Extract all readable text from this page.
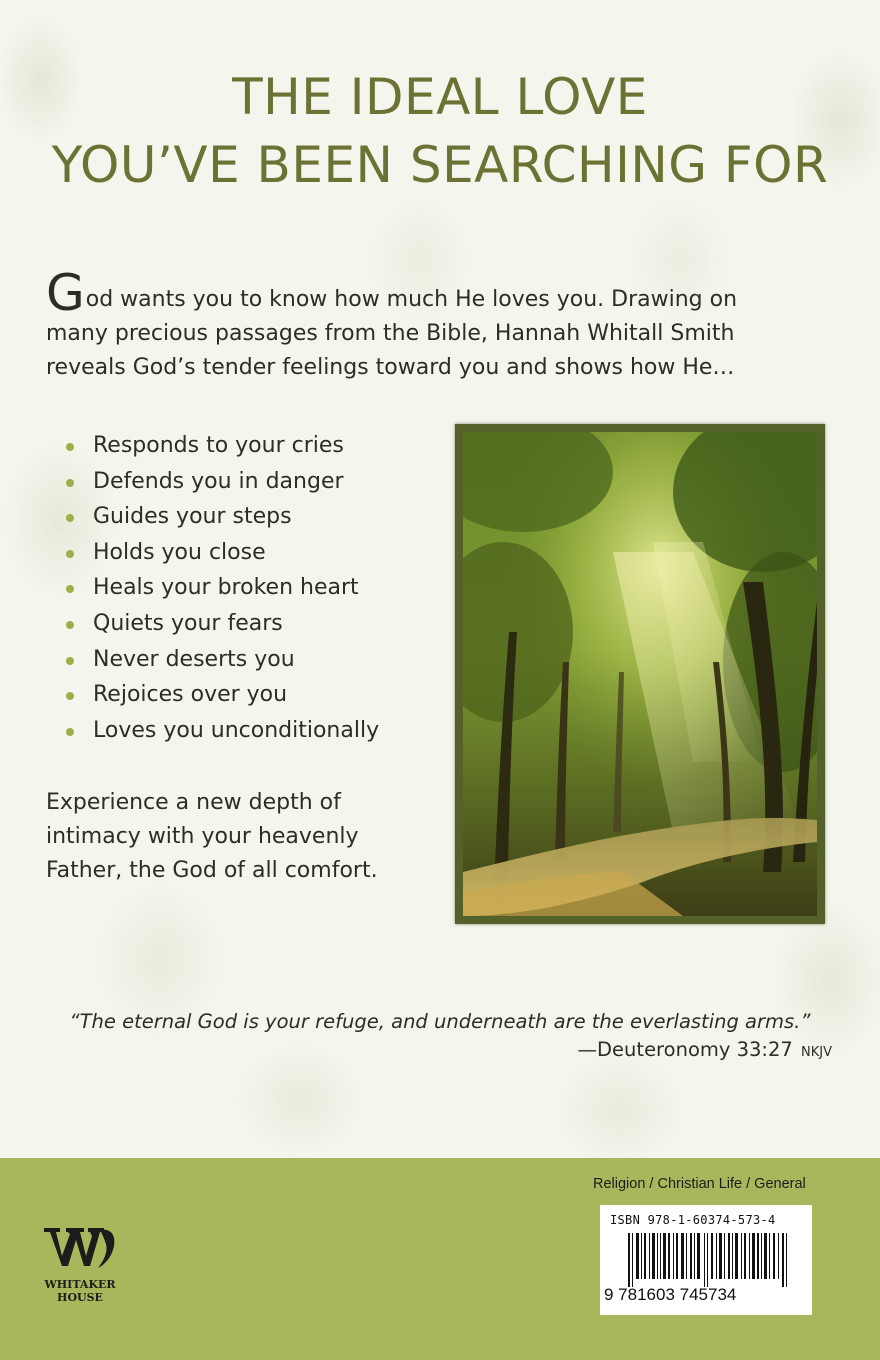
THE IDEAL LOVE
YOU’VE BEEN SEARCHING FOR
God wants you to know how much He loves you. Drawing on
many precious passages from the Bible, Hannah Whitall Smith
reveals God’s tender feelings toward you and shows how He…
Responds to your cries
Defends you in danger
Guides your steps
Holds you close
Heals your broken heart
Quiets your fears
Never deserts you
Rejoices over you
Loves you unconditionally
Experience a new depth of
intimacy with your heavenly
Father, the God of all comfort.
“The eternal God is your refuge, and underneath are the everlasting arms.”
—Deuteronomy 33:27 NKJV
WHITAKER
HOUSE
Religion / Christian Life / General
ISBN 978-1-60374-573-4
9 781603 745734
